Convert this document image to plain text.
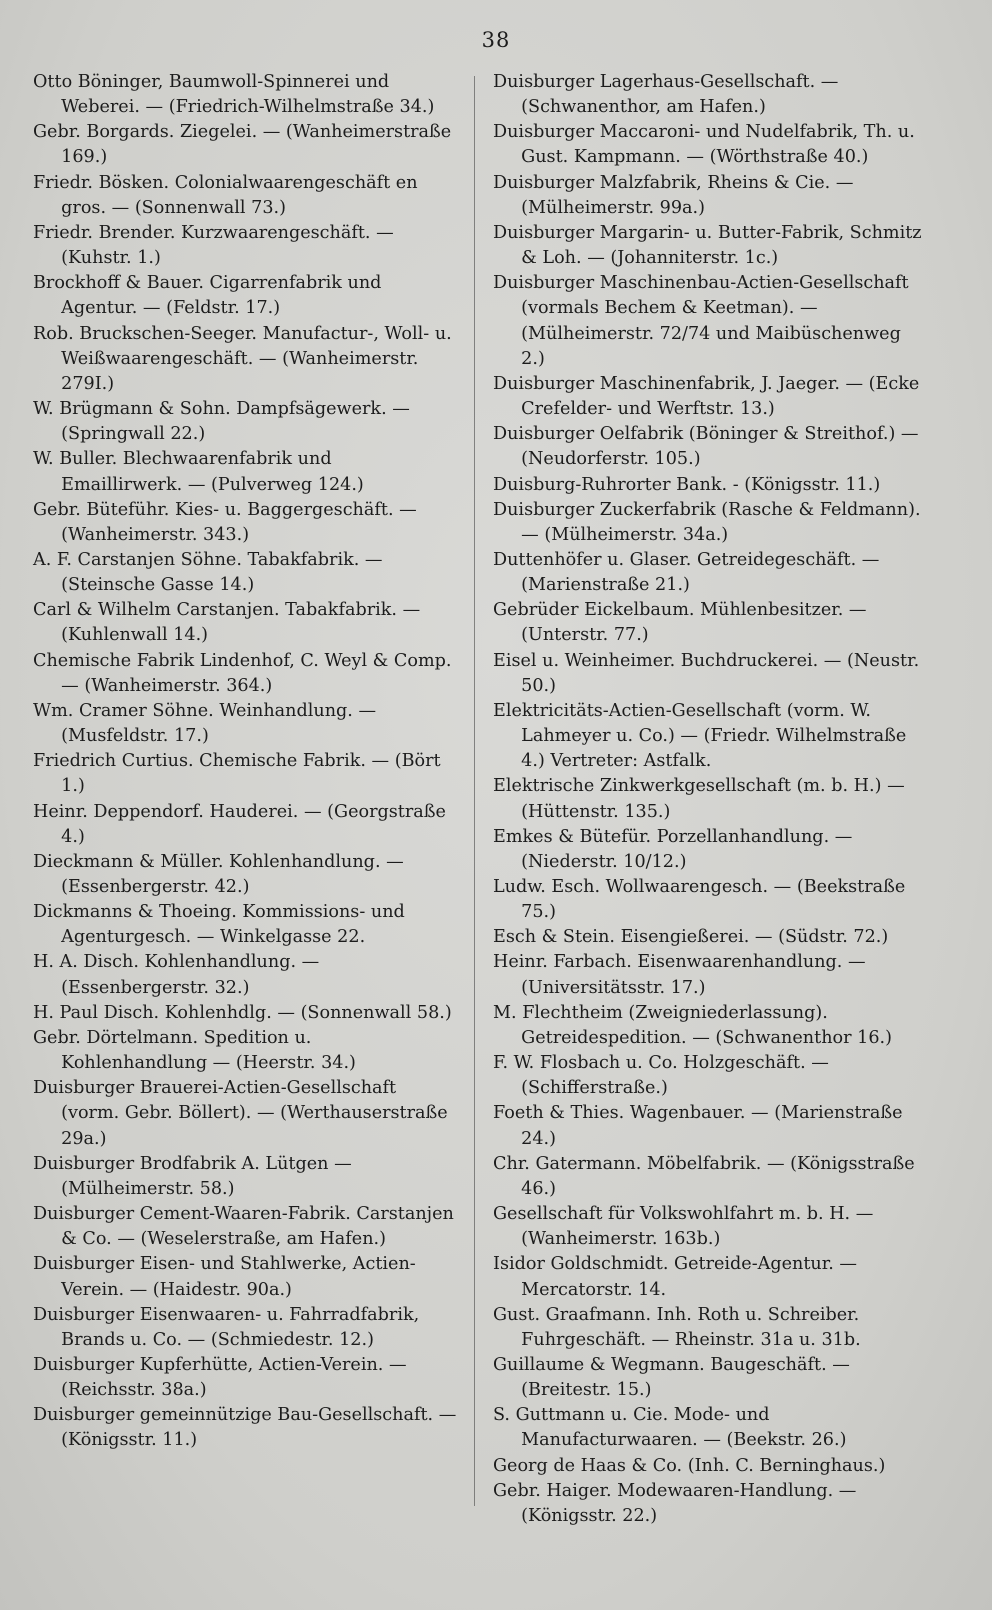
38

Otto Böninger, Baumwoll-Spinnerei und Weberei. — (Friedrich-Wilhelmstraße 34.)

Gebr. Borgards. Ziegelei. — (Wanheimerstraße 169.)

Friedr. Bösken. Colonialwaarengeschäft en gros. — (Sonnenwall 73.)

Friedr. Brender. Kurzwaarengeschäft. — (Kuhstr. 1.)

Brockhoff & Bauer. Cigarrenfabrik und Agentur. — (Feldstr. 17.)

Rob. Bruckschen-Seeger. Manufactur-, Woll- u. Weißwaarengeschäft. — (Wanheimerstr. 279I.)

W. Brügmann & Sohn. Dampfsägewerk. — (Springwall 22.)

W. Buller. Blechwaarenfabrik und Emaillirwerk. — (Pulverweg 124.)

Gebr. Büteführ. Kies- u. Baggergeschäft. — (Wanheimerstr. 343.)

A. F. Carstanjen Söhne. Tabakfabrik. — (Steinsche Gasse 14.)

Carl & Wilhelm Carstanjen. Tabakfabrik. — (Kuhlenwall 14.)

Chemische Fabrik Lindenhof, C. Weyl & Comp. — (Wanheimerstr. 364.)

Wm. Cramer Söhne. Weinhandlung. — (Musfeldstr. 17.)

Friedrich Curtius. Chemische Fabrik. — (Bört 1.)

Heinr. Deppendorf. Hauderei. — (Georgstraße 4.)

Dieckmann & Müller. Kohlenhandlung. — (Essenbergerstr. 42.)

Dickmanns & Thoeing. Kommissions- und Agenturgesch. — Winkelgasse 22.

H. A. Disch. Kohlenhandlung. — (Essenbergerstr. 32.)

H. Paul Disch. Kohlenhdlg. — (Sonnenwall 58.)

Gebr. Dörtelmann. Spedition u. Kohlenhandlung — (Heerstr. 34.)

Duisburger Brauerei-Actien-Gesellschaft (vorm. Gebr. Böllert). — (Werthauserstraße 29a.)

Duisburger Brodfabrik A. Lütgen — (Mülheimerstr. 58.)

Duisburger Cement-Waaren-Fabrik. Carstanjen & Co. — (Weselerstraße, am Hafen.)

Duisburger Eisen- und Stahlwerke, Actien-Verein. — (Haidestr. 90a.)

Duisburger Eisenwaaren- u. Fahrradfabrik, Brands u. Co. — (Schmiedestr. 12.)

Duisburger Kupferhütte, Actien-Verein. — (Reichsstr. 38a.)

Duisburger gemeinnützige Bau-Gesellschaft. — (Königsstr. 11.)

Duisburger Lagerhaus-Gesellschaft. — (Schwanenthor, am Hafen.)

Duisburger Maccaroni- und Nudelfabrik, Th. u. Gust. Kampmann. — (Wörthstraße 40.)

Duisburger Malzfabrik, Rheins & Cie. — (Mülheimerstr. 99a.)

Duisburger Margarin- u. Butter-Fabrik, Schmitz & Loh. — (Johanniterstr. 1c.)

Duisburger Maschinenbau-Actien-Gesellschaft (vormals Bechem & Keetman). — (Mülheimerstr. 72/74 und Maibüschenweg 2.)

Duisburger Maschinenfabrik, J. Jaeger. — (Ecke Crefelder- und Werftstr. 13.)

Duisburger Oelfabrik (Böninger & Streithof.) — (Neudorferstr. 105.)

Duisburg-Ruhrorter Bank. - (Königsstr. 11.)

Duisburger Zuckerfabrik (Rasche & Feldmann). — (Mülheimerstr. 34a.)

Duttenhöfer u. Glaser. Getreidegeschäft. — (Marienstraße 21.)

Gebrüder Eickelbaum. Mühlenbesitzer. — (Unterstr. 77.)

Eisel u. Weinheimer. Buchdruckerei. — (Neustr. 50.)

Elektricitäts-Actien-Gesellschaft (vorm. W. Lahmeyer u. Co.) — (Friedr. Wilhelmstraße 4.) Vertreter: Astfalk.

Elektrische Zinkwerkgesellschaft (m. b. H.) — (Hüttenstr. 135.)

Emkes & Bütefür. Porzellanhandlung. — (Niederstr. 10/12.)

Ludw. Esch. Wollwaarengesch. — (Beekstraße 75.)

Esch & Stein. Eisengießerei. — (Südstr. 72.)

Heinr. Farbach. Eisenwaarenhandlung. — (Universitätsstr. 17.)

M. Flechtheim (Zweigniederlassung). Getreidespedition. — (Schwanenthor 16.)

F. W. Flosbach u. Co. Holzgeschäft. — (Schifferstraße.)

Foeth & Thies. Wagenbauer. — (Marienstraße 24.)

Chr. Gatermann. Möbelfabrik. — (Königsstraße 46.)

Gesellschaft für Volkswohlfahrt m. b. H. — (Wanheimerstr. 163b.)

Isidor Goldschmidt. Getreide-Agentur. — Mercatorstr. 14.

Gust. Graafmann. Inh. Roth u. Schreiber. Fuhrgeschäft. — Rheinstr. 31a u. 31b.

Guillaume & Wegmann. Baugeschäft. — (Breitestr. 15.)

S. Guttmann u. Cie. Mode- und Manufacturwaaren. — (Beekstr. 26.)

Georg de Haas & Co. (Inh. C. Berninghaus.)

Gebr. Haiger. Modewaaren-Handlung. — (Königsstr. 22.)
